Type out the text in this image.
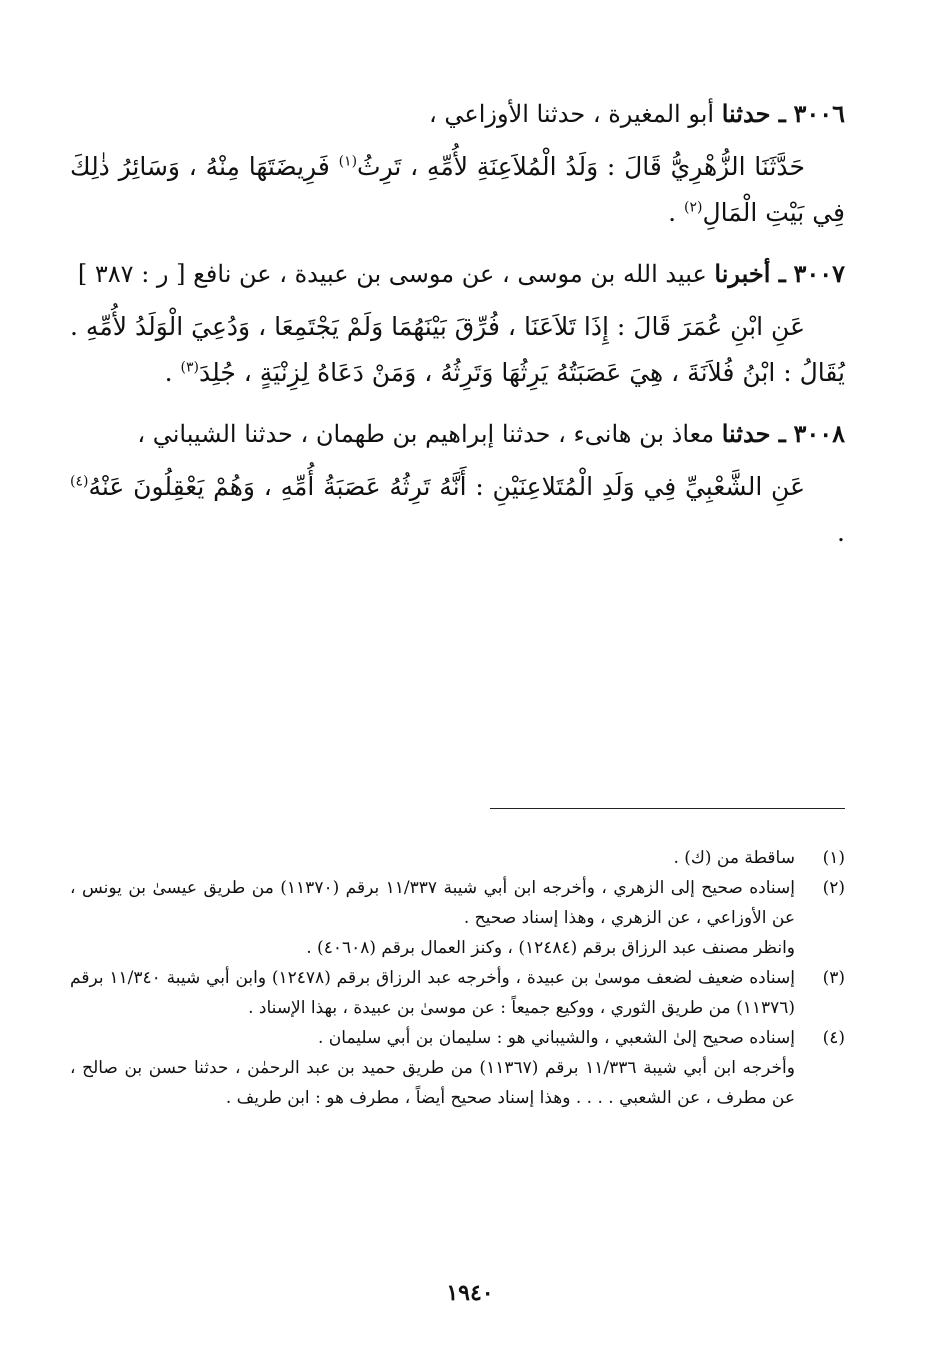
٣٠٠٦ ـ حدثنا أبو المغيرة ، حدثنا الأوزاعي ،
حَدَّثَنَا الزُّهْرِيُّ قَالَ : وَلَدُ الْمُلاَعِنَةِ لأُمِّهِ ، تَرِثُ$^{(١)}$ فَرِيضَتَهَا مِنْهُ ، وَسَائِرُ ذٰلِكَ فِي بَيْتِ الْمَالِ$^{(٢)}$ .
٣٠٠٧ ـ أخبرنا عبيد الله بن موسى ، عن موسى بن عبيدة ، عن نافع [ ر : ٣٨٧ ]
عَنِ ابْنِ عُمَرَ قَالَ : إِذَا تَلاَعَنَا ، فُرِّقَ بَيْنَهُمَا وَلَمْ يَجْتَمِعَا ، وَدُعِيَ الْوَلَدُ لأُمِّهِ . يُقَالُ : ابْنُ فُلاَنَةَ ، هِيَ عَصَبَتُهُ يَرِثُهَا وَتَرِثُهُ ، وَمَنْ دَعَاهُ لِزِنْيَةٍ ، جُلِدَ$^{(٣)}$ .
٣٠٠٨ ـ حدثنا معاذ بن هانىء ، حدثنا إبراهيم بن طهمان ، حدثنا الشيباني ،
عَنِ الشَّعْبِيِّ فِي وَلَدِ الْمُتَلاعِنَيْنِ : أَنَّهُ تَرِثُهُ عَصَبَةُ أُمِّهِ ، وَهُمْ يَعْقِلُونَ عَنْهُ$^{(٤)}$ .
(١)

ساقطة من (ك) .

(٢)

إسناده صحيح إلى الزهري ، وأخرجه ابن أبي شيبة ١١/٣٣٧ برقم (١١٣٧٠) من طريق عيسىٰ بن يونس ، عن الأوزاعي ، عن الزهري ، وهذا إسناد صحيح .

وانظر مصنف عبد الرزاق برقم (١٢٤٨٤) ، وكنز العمال برقم (٤٠٦٠٨) .

(٣)

إسناده ضعيف لضعف موسىٰ بن عبيدة ، وأخرجه عبد الرزاق برقم (١٢٤٧٨) وابن أبي شيبة ١١/٣٤٠ برقم (١١٣٧٦) من طريق الثوري ، ووكيع جميعاً : عن موسىٰ بن عبيدة ، بهذا الإسناد .

(٤)

إسناده صحيح إلىٰ الشعبي ، والشيباني هو : سليمان بن أبي سليمان .

وأخرجه ابن أبي شيبة ١١/٣٣٦ برقم (١١٣٦٧) من طريق حميد بن عبد الرحمٰن ، حدثنا حسن بن صالح ، عن مطرف ، عن الشعبي . . . . وهذا إسناد صحيح أيضاً ، مطرف هو : ابن طريف .

١٩٤٠
